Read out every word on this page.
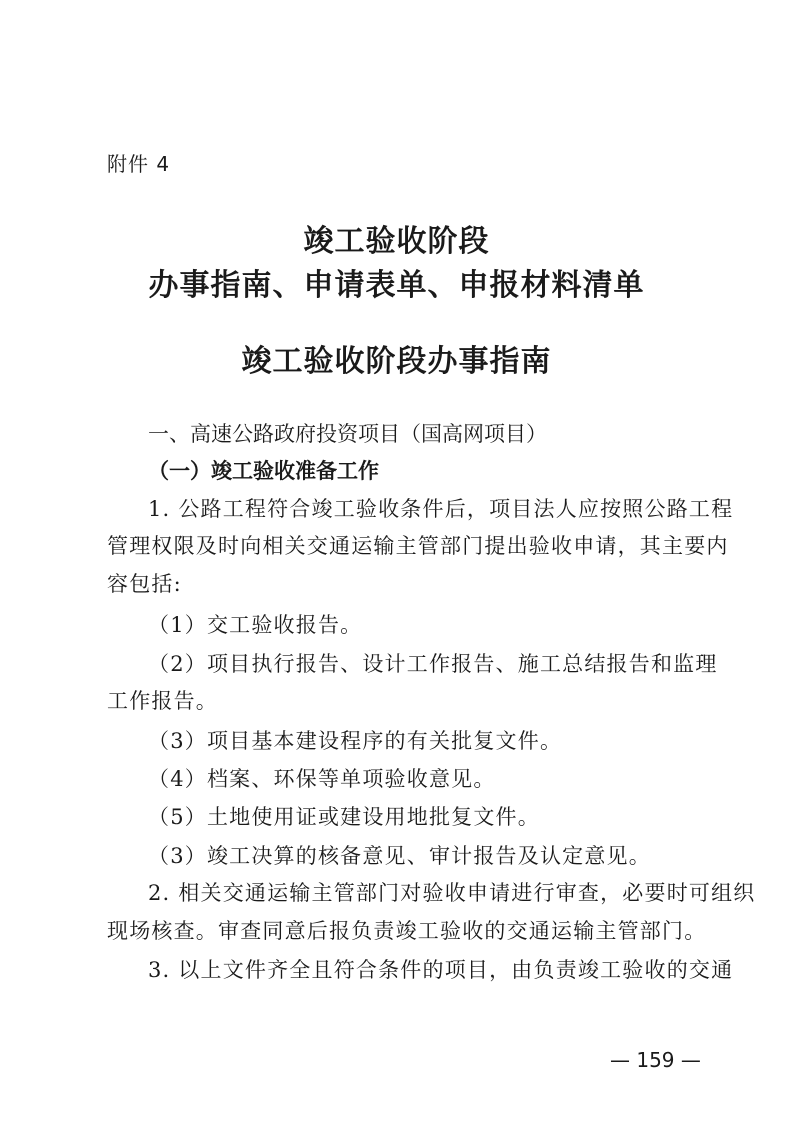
附件 4
竣工验收阶段
办事指南、申请表单、申报材料清单
竣工验收阶段办事指南
一、高速公路政府投资项目（国高网项目）
（一）竣工验收准备工作
1. 公路工程符合竣工验收条件后，项目法人应按照公路工程
管理权限及时向相关交通运输主管部门提出验收申请，其主要内
容包括:
（1）交工验收报告。
（2）项目执行报告、设计工作报告、施工总结报告和监理
工作报告。
（3）项目基本建设程序的有关批复文件。
（4）档案、环保等单项验收意见。
（5）土地使用证或建设用地批复文件。
（3）竣工决算的核备意见、审计报告及认定意见。
2. 相关交通运输主管部门对验收申请进行审查，必要时可组织
现场核查。审查同意后报负责竣工验收的交通运输主管部门。
3. 以上文件齐全且符合条件的项目，由负责竣工验收的交通
— 159 —
